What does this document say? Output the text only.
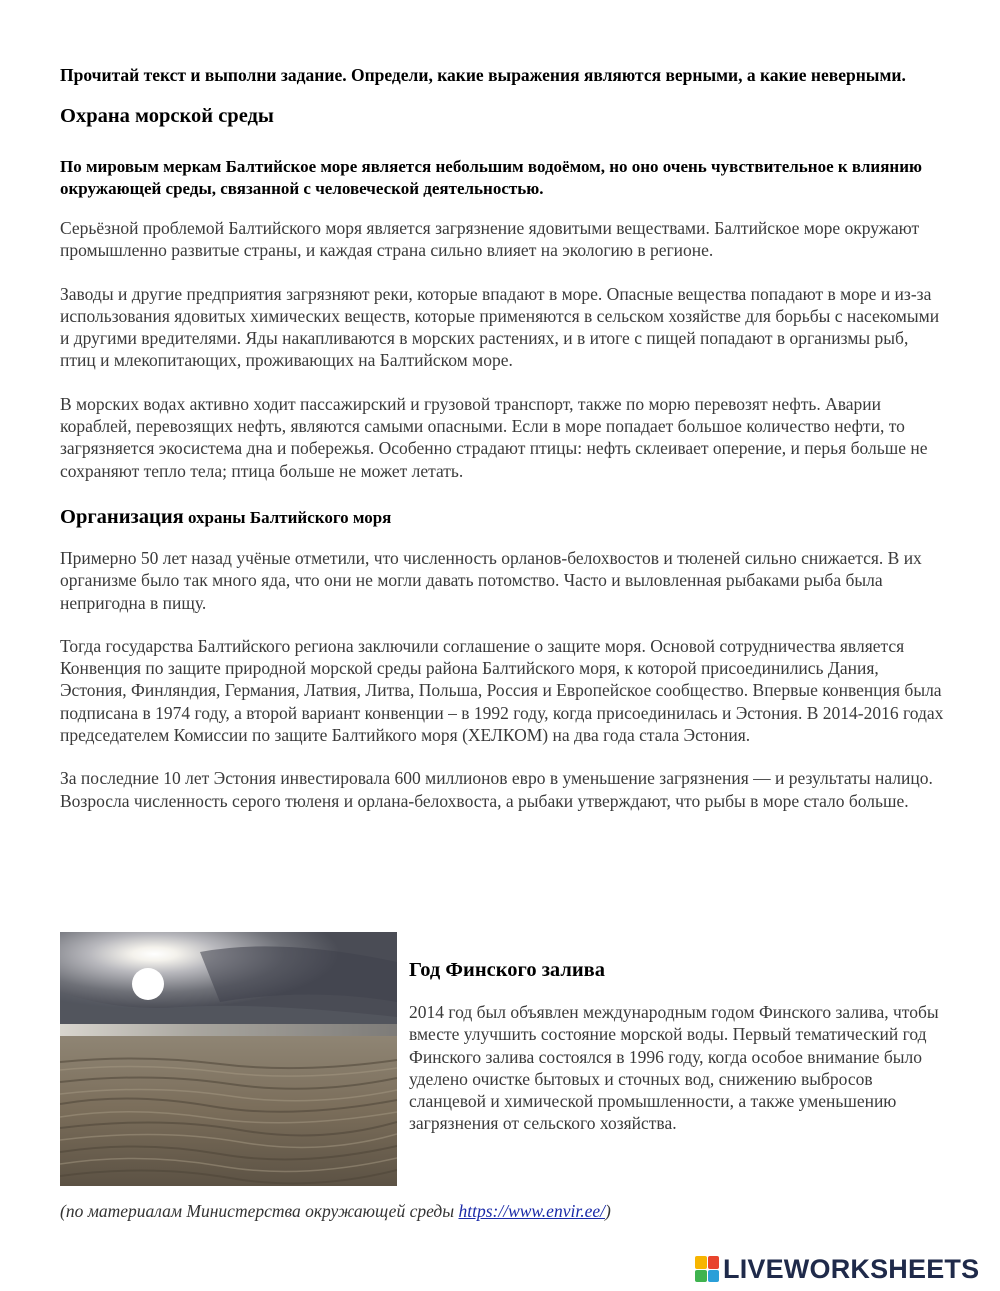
Прочитай текст и выполни задание. Определи, какие выражения являются верными, а какие неверными.

Охрана морской среды

По мировым меркам Балтийское море является небольшим водоёмом, но оно очень чувствительное к влиянию окружающей среды, связанной с человеческой деятельностью.

Серьёзной проблемой Балтийского моря является загрязнение ядовитыми веществами. Балтийское море окружают промышленно развитые страны, и каждая страна сильно влияет на экологию в регионе.

Заводы и другие предприятия загрязняют реки, которые впадают в море. Опасные вещества попадают в море и из-за использования ядовитых химических веществ, которые применяются в сельском хозяйстве для борьбы с насекомыми и другими вредителями. Яды накапливаются в морских растениях, и в итоге с пищей попадают в организмы рыб, птиц и млекопитающих, проживающих на Балтийском море.

В морских водах активно ходит пассажирский и грузовой транспорт, также по морю перевозят нефть. Аварии кораблей, перевозящих нефть, являются самыми опасными. Если в море попадает большое количество нефти, то загрязняется экосистема дна и побережья. Особенно страдают птицы: нефть склеивает оперение, и перья больше не сохраняют тепло тела; птица больше не может летать.

Организация охраны Балтийского моря

Примерно 50 лет назад учёные отметили, что численность орланов-белохвостов и тюленей сильно снижается. В их организме было так много яда, что они не могли давать потомство. Часто и выловленная рыбаками рыба была непригодна в пищу.

Тогда государства Балтийского региона заключили соглашение о защите моря. Основой сотрудничества является Конвенция по защите природной морской среды района Балтийского моря, к которой присоединились Дания, Эстония, Финляндия, Германия, Латвия, Литва, Польша, Россия и Европейское сообщество. Впервые конвенция была подписана в 1974 году, а второй вариант конвенции – в 1992 году, когда присоединилась и Эстония. В 2014-2016 годах председателем Комиссии по защите Балтийкого моря (ХЕЛКОМ) на два года стала Эстония.

За последние 10 лет Эстония инвестировала 600 миллионов евро в уменьшение загрязнения — и результаты налицо. Возросла численность серого тюленя и орлана-белохвоста, а рыбаки утверждают, что рыбы в море стало больше.

Год Финского залива

2014 год был объявлен международным годом Финского залива, чтобы вместе улучшить состояние морской воды. Первый тематический год Финского залива состоялся в 1996 году, когда особое внимание было уделено очистке бытовых и сточных вод, снижению выбросов сланцевой и химической промышленности, а также уменьшению загрязнения от сельского хозяйства.

(по материалам Министерства окружающей среды https://www.envir.ee/)
LIVEWORKSHEETS
